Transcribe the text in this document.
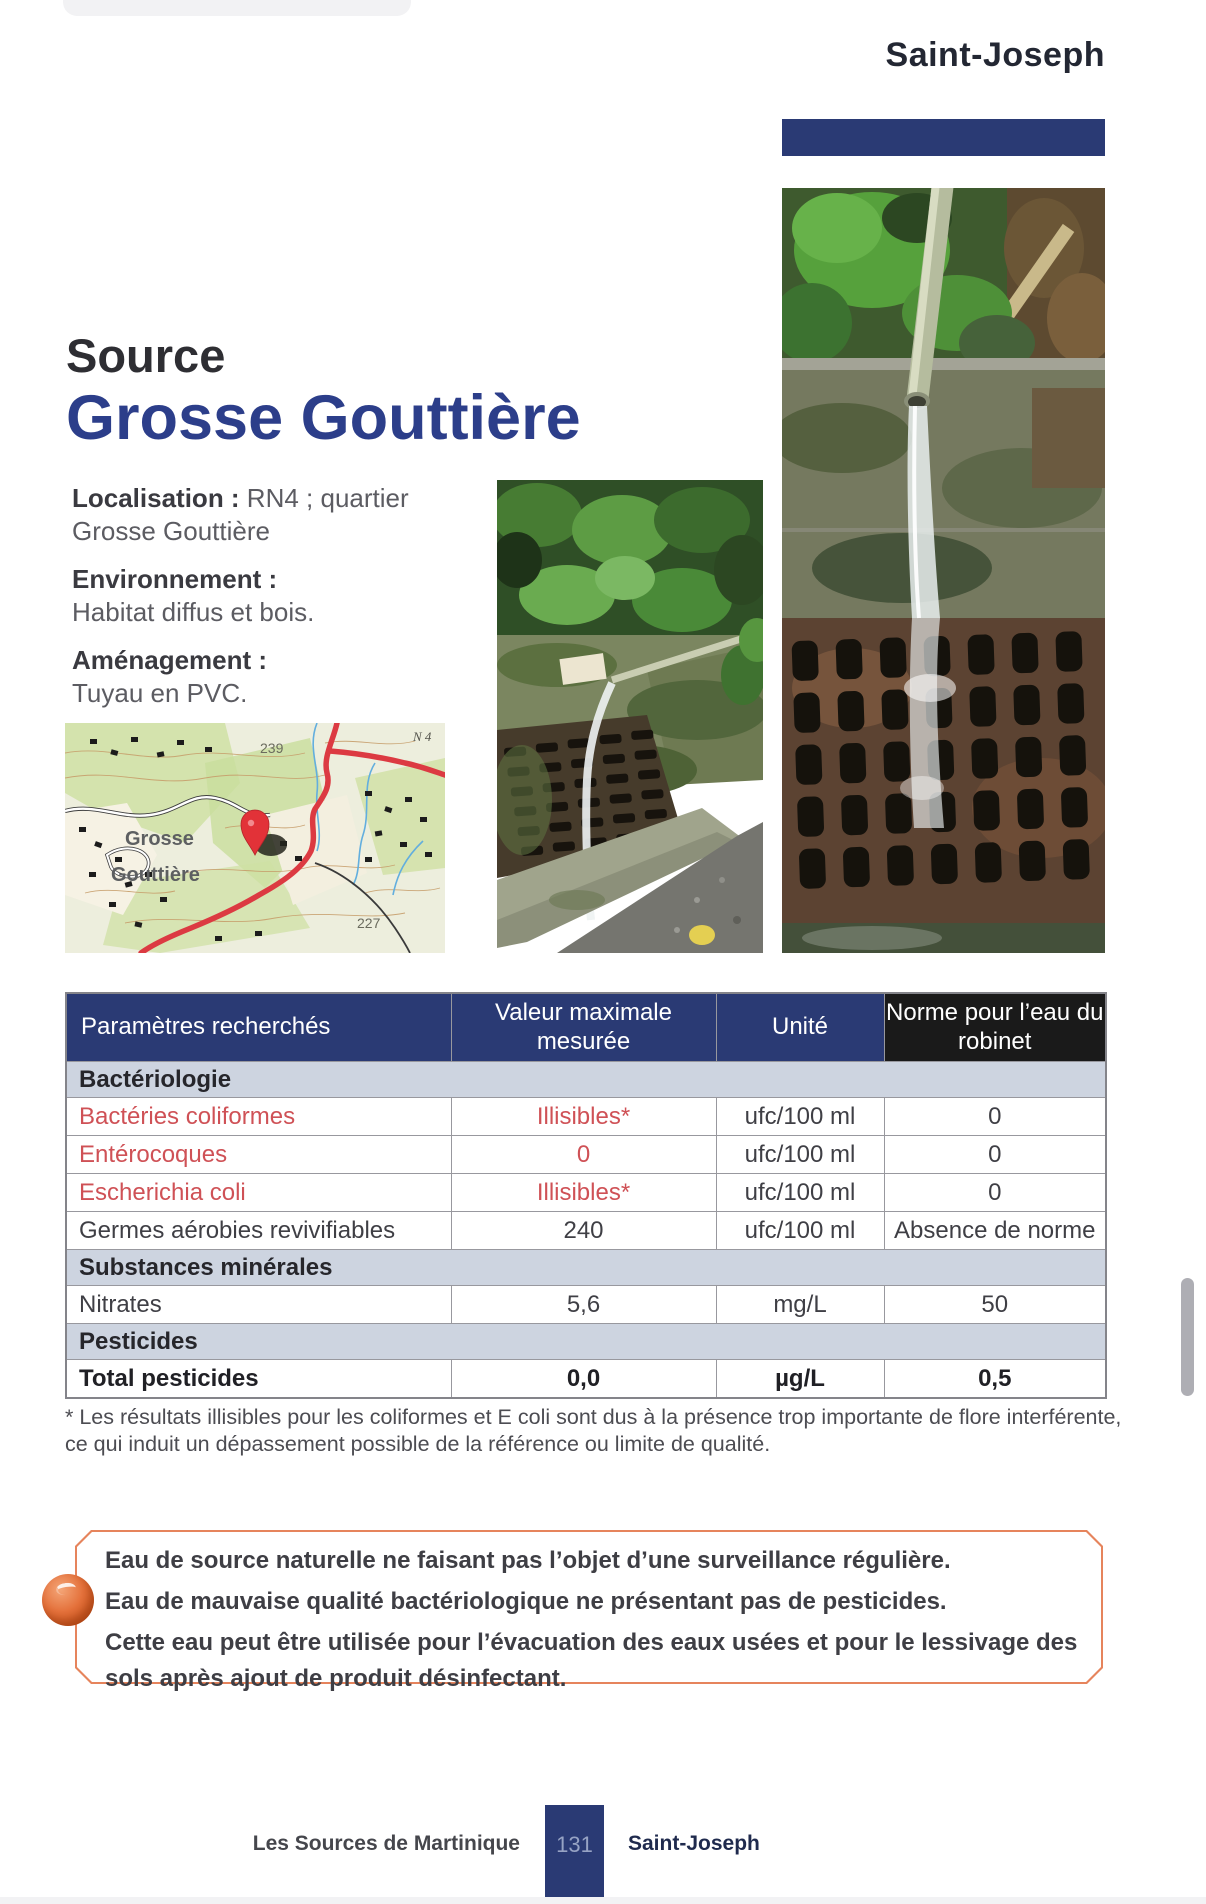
Saint-Joseph
Source
Grosse Gouttière

Localisation : RN4 ; quartier Grosse Gouttière

Environnement :
Habitat diffus et bois.

Aménagement :
Tuyau en PVC.

239
N 4
227
Grosse
Gouttière
Paramètres recherchés	Valeur maximale mesurée	Unité	Norme pour l’eau du robinet
Bactériologie			
Bactéries coliformes	Illisibles*	ufc/100 ml	0
Entérocoques	0	ufc/100 ml	0
Escherichia coli	Illisibles*	ufc/100 ml	0
Germes aérobies revivifiables	240	ufc/100 ml	Absence de norme
Substances minérales			
Nitrates	5,6	mg/L	50
Pesticides			
Total pesticides	0,0	µg/L	0,5
* Les résultats illisibles pour les coliformes et E coli sont dus à la présence trop importante de flore interférente, ce qui induit un dépassement possible de la référence ou limite de qualité.

Eau de source naturelle ne faisant pas l’objet d’une surveillance régulière.

Eau de mauvaise qualité bactériologique ne présentant pas de pesticides.

Cette eau peut être utilisée pour l’évacuation des eaux usées et pour le lessivage des sols après ajout de produit désinfectant.

Les Sources de Martinique	131	Saint-Joseph
